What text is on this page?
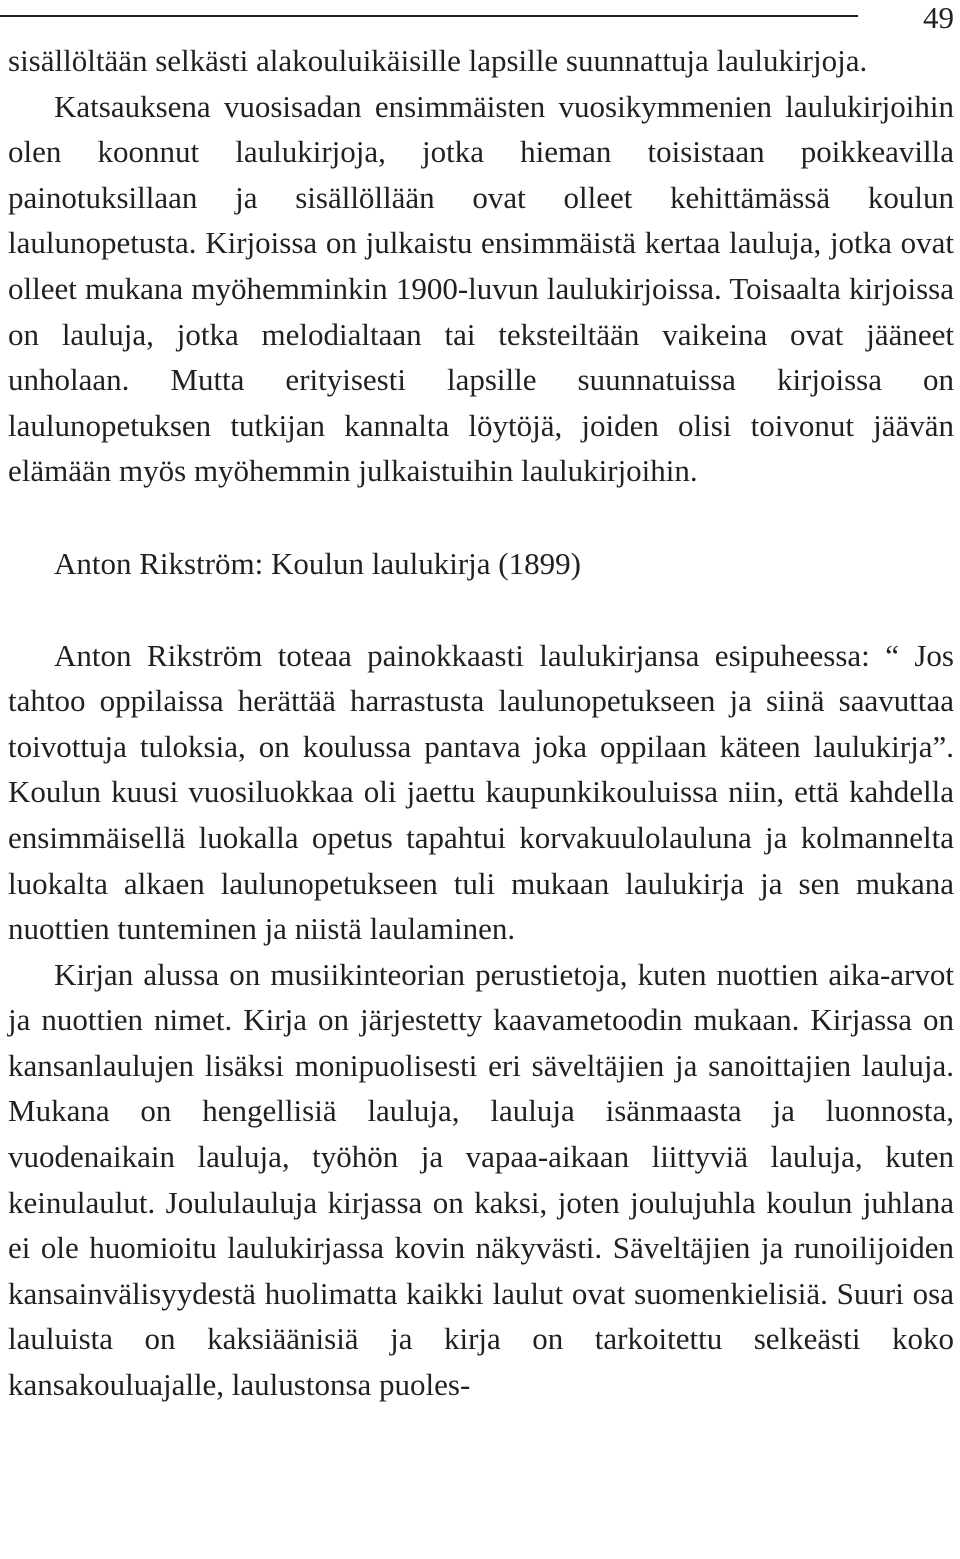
49

sisällöltään selkästi alakouluikäisille lapsille suunnattuja laulukirjoja.

Katsauksena vuosisadan ensimmäisten vuosikymmenien laulukirjoihin olen koonnut laulukirjoja, jotka hieman toisistaan poikkeavilla painotuksillaan ja sisällöllään ovat olleet kehittämässä koulun laulunopetusta. Kirjoissa on julkaistu ensimmäistä kertaa lauluja, jotka ovat olleet mukana myöhemminkin 1900-luvun laulukirjoissa. Toisaalta kirjoissa on lauluja, jotka melodialtaan tai teksteiltään vaikeina ovat jääneet unholaan. Mutta erityisesti lapsille suunnatuissa kirjoissa on laulunopetuksen tutkijan kannalta löytöjä, joiden olisi toivonut jäävän elämään myös myöhemmin julkaistuihin laulukirjoihin.

Anton Rikström: Koulun laulukirja (1899)

Anton Rikström toteaa painokkaasti laulukirjansa esipuheessa: “ Jos tahtoo oppilaissa herättää harrastusta laulunopetukseen ja siinä saavuttaa toivottuja tuloksia, on koulussa pantava joka oppilaan käteen laulukirja”. Koulun kuusi vuosiluokkaa oli jaettu kaupunkikouluissa niin, että kahdella ensimmäisellä luokalla opetus tapahtui korvakuulolauluna ja kolmannelta luokalta alkaen laulunopetukseen tuli mukaan laulukirja ja sen mukana nuottien tunteminen ja niistä laulaminen.

Kirjan alussa on musiikinteorian perustietoja, kuten nuottien aika-arvot ja nuottien nimet. Kirja on järjestetty kaavametoodin mukaan. Kirjassa on kansanlaulujen lisäksi monipuolisesti eri säveltäjien ja sanoittajien lauluja. Mukana on hengellisiä lauluja, lauluja isänmaasta ja luonnosta, vuodenaikain lauluja, työhön ja vapaa-aikaan liittyviä lauluja, kuten keinulaulut. Joululauluja kirjassa on kaksi, joten joulujuhla koulun juhlana ei ole huomioitu laulukirjassa kovin näkyvästi. Säveltäjien ja runoilijoiden kansainvälisyydestä huolimatta kaikki laulut ovat suomenkielisiä. Suuri osa lauluista on kaksiäänisiä ja kirja on tarkoitettu selkeästi koko kansakouluajalle, laulustonsa puoles-
